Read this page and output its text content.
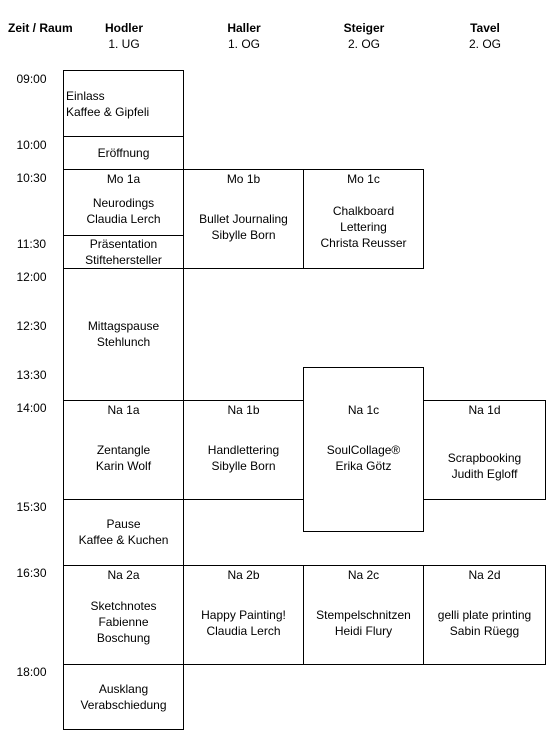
Zeit / Raum	Hodler
1. UG
Haller
1. OG
Steiger
2. OG
Tavel
2. OG
09:00
10:00
10:30
11:30
12:00
12:30
13:30
14:00
15:30
16:30
18:00
Einlass
Kaffee & Gipfeli
Eröffnung
Mo 1a
Neurodings
Claudia Lerch
Präsentation
Stiftehersteller
Mittagspause
Stehlunch
Na 1a
Zentangle
Karin Wolf
Pause
Kaffee & Kuchen
Na 2a
Sketchnotes
Fabienne
Boschung
Ausklang
Verabschiedung
Mo 1b
Bullet Journaling
Sibylle Born
Na 1b
Handlettering
Sibylle Born
Na 2b
Happy Painting!
Claudia Lerch
Mo 1c
Chalkboard
Lettering
Christa Reusser
Na 1c
SoulCollage®
Erika Götz
Na 2c
Stempelschnitzen
Heidi Flury
Na 1d
Scrapbooking
Judith Egloff
Na 2d
gelli plate printing
Sabin Rüegg
